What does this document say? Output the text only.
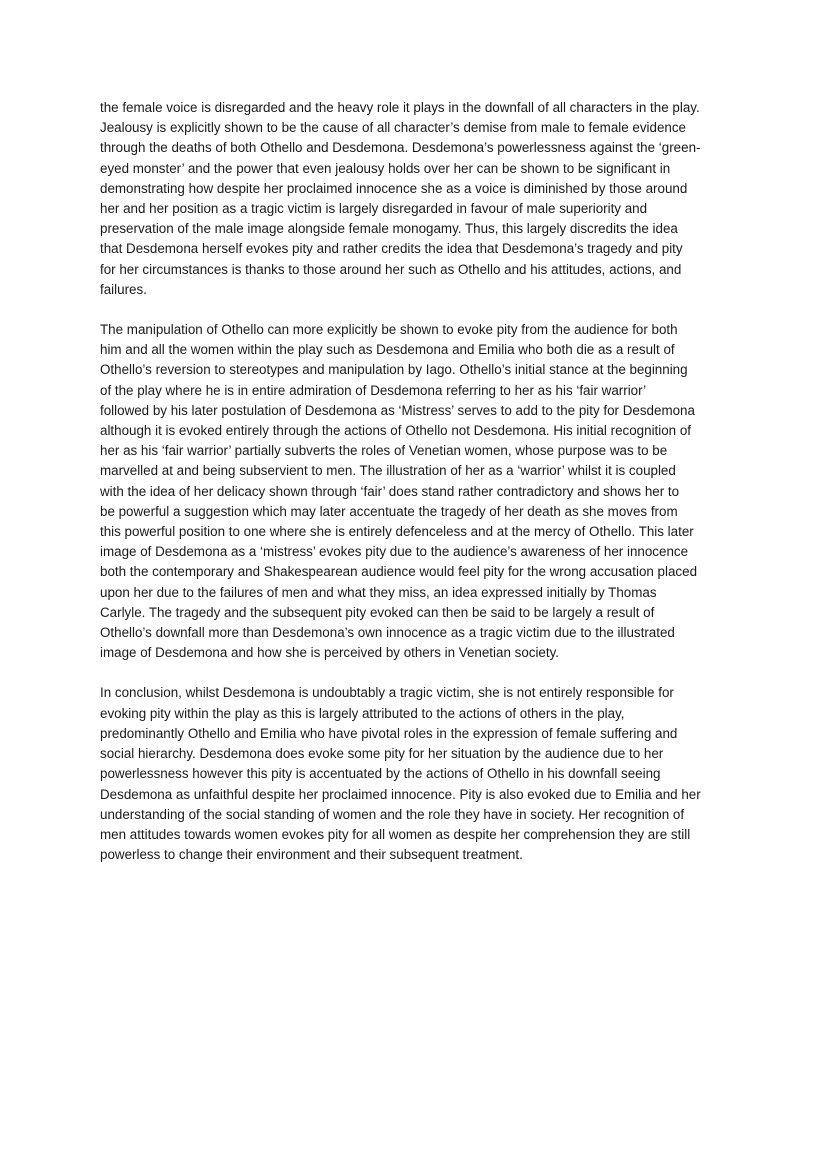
the female voice is disregarded and the heavy role it plays in the downfall of all characters in the play.
Jealousy is explicitly shown to be the cause of all character’s demise from male to female evidence
through the deaths of both Othello and Desdemona. Desdemona’s powerlessness against the ‘green-
eyed monster’ and the power that even jealousy holds over her can be shown to be significant in
demonstrating how despite her proclaimed innocence she as a voice is diminished by those around
her and her position as a tragic victim is largely disregarded in favour of male superiority and
preservation of the male image alongside female monogamy. Thus, this largely discredits the idea
that Desdemona herself evokes pity and rather credits the idea that Desdemona’s tragedy and pity
for her circumstances is thanks to those around her such as Othello and his attitudes, actions, and
failures.

The manipulation of Othello can more explicitly be shown to evoke pity from the audience for both
him and all the women within the play such as Desdemona and Emilia who both die as a result of
Othello’s reversion to stereotypes and manipulation by Iago. Othello’s initial stance at the beginning
of the play where he is in entire admiration of Desdemona referring to her as his ‘fair warrior’
followed by his later postulation of Desdemona as ‘Mistress’ serves to add to the pity for Desdemona
although it is evoked entirely through the actions of Othello not Desdemona. His initial recognition of
her as his ‘fair warrior’ partially subverts the roles of Venetian women, whose purpose was to be
marvelled at and being subservient to men. The illustration of her as a ‘warrior’ whilst it is coupled
with the idea of her delicacy shown through ‘fair’ does stand rather contradictory and shows her to
be powerful a suggestion which may later accentuate the tragedy of her death as she moves from
this powerful position to one where she is entirely defenceless and at the mercy of Othello. This later
image of Desdemona as a ‘mistress’ evokes pity due to the audience’s awareness of her innocence
both the contemporary and Shakespearean audience would feel pity for the wrong accusation placed
upon her due to the failures of men and what they miss, an idea expressed initially by Thomas
Carlyle. The tragedy and the subsequent pity evoked can then be said to be largely a result of
Othello’s downfall more than Desdemona’s own innocence as a tragic victim due to the illustrated
image of Desdemona and how she is perceived by others in Venetian society.

In conclusion, whilst Desdemona is undoubtably a tragic victim, she is not entirely responsible for
evoking pity within the play as this is largely attributed to the actions of others in the play,
predominantly Othello and Emilia who have pivotal roles in the expression of female suffering and
social hierarchy. Desdemona does evoke some pity for her situation by the audience due to her
powerlessness however this pity is accentuated by the actions of Othello in his downfall seeing
Desdemona as unfaithful despite her proclaimed innocence. Pity is also evoked due to Emilia and her
understanding of the social standing of women and the role they have in society. Her recognition of
men attitudes towards women evokes pity for all women as despite her comprehension they are still
powerless to change their environment and their subsequent treatment.
